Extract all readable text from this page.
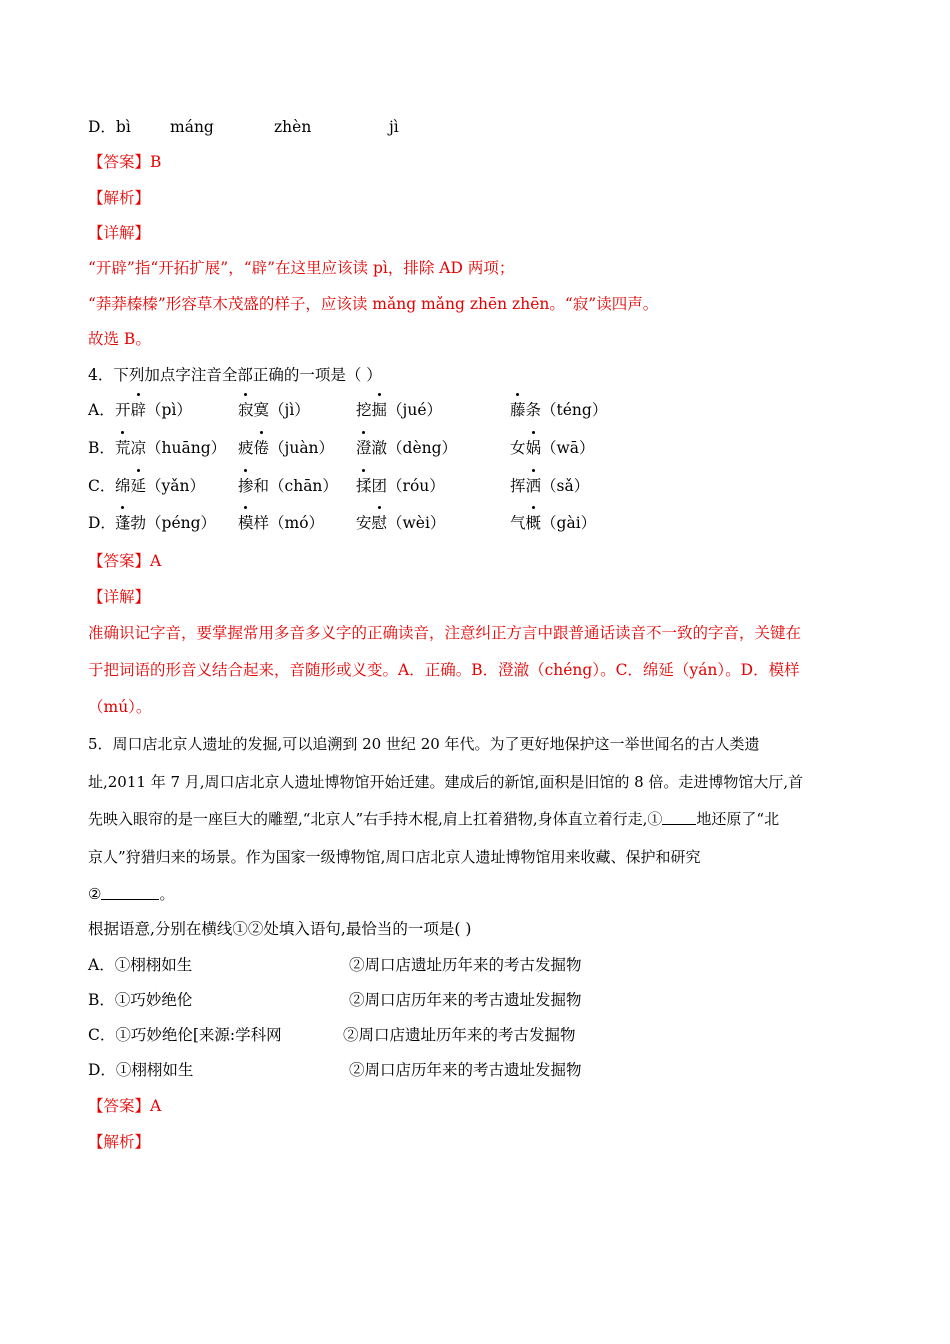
D．bì	máng	zhèn	jì
【答案】B
【解析】
【详解】
“开辟”指“开拓扩展”，“辟”在这里应该读 pì，排除 AD 两项；
“莽莽榛榛”形容草木茂盛的样子，应该读 mǎng mǎng zhēn zhēn。“寂”读四声。
故选 B。
4．下列加点字注音全部正确的一项是（ ）
A． 开辟（pì）	寂寞（jì）	挖掘（jué）	藤条（téng）
B． 荒凉（huāng） 疲倦（juàn） 澄澈（dèng）	女娲（wā）
C． 绵延（yǎn） 掺和（chān） 揉团（róu）	挥洒（sǎ）
D． 蓬勃（péng） 模样（mó） 安慰（wèi）	气概（gài）
【答案】A
【详解】
准确识记字音，要掌握常用多音多义字的正确读音，注意纠正方言中跟普通话读音不一致的字音，关键在
于把词语的形音义结合起来，音随形或义变。A．正确。B．澄澈（chéng）。C．绵延（yán）。D．模样
（mú）。
5．周口店北京人遗址的发掘,可以追溯到 20 世纪 20 年代。为了更好地保护这一举世闻名的古人类遗
址,2011 年 7 月,周口店北京人遗址博物馆开始迁建。建成后的新馆,面积是旧馆的 8 倍。走进博物馆大厅,首
先映入眼帘的是一座巨大的雕塑,“北京人”右手持木棍,肩上扛着猎物,身体直立着行走,① 地还原了“北
京人”狩猎归来的场景。作为国家一级博物馆,周口店北京人遗址博物馆用来收藏、保护和研究
②	。
根据语意,分别在横线①②处填入语句,最恰当的一项是( )
A．①栩栩如生	②周口店遗址历年来的考古发掘物
B．①巧妙绝伦	②周口店历年来的考古遗址发掘物
C．①巧妙绝伦[来源:学科网	②周口店遗址历年来的考古发掘物
D．①栩栩如生	②周口店历年来的考古遗址发掘物
【答案】A
【解析】
